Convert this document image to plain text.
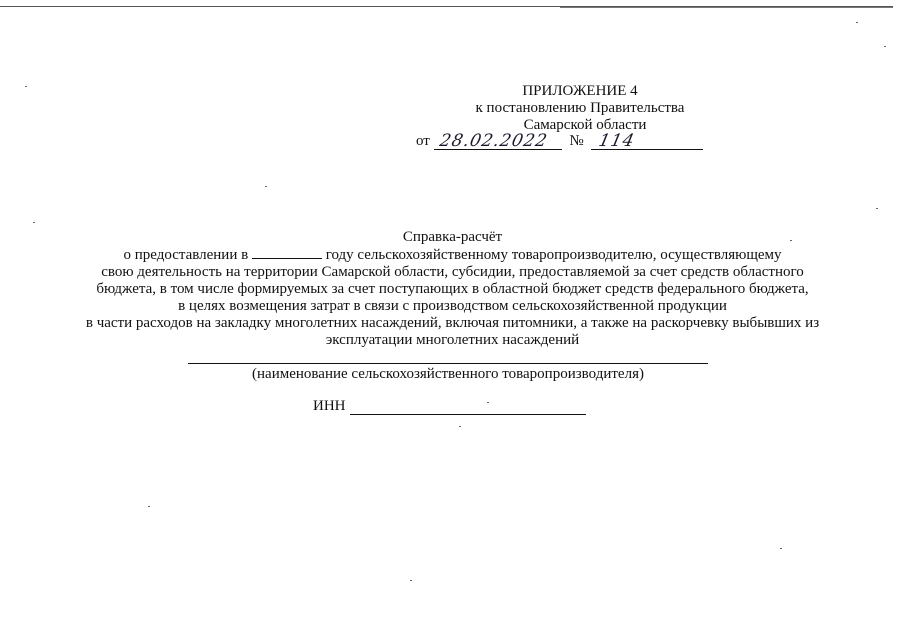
ПРИЛОЖЕНИЕ 4
к постановлению Правительства
Самарской области
от 28.02.2022 № 114
Справка-расчёт
о предоставлении в	году сельскохозяйственному товаропроизводителю, осуществляющему
свою деятельность на территории Самарской области, субсидии, предоставляемой за счет средств областного
бюджета, в том числе формируемых за счет поступающих в областной бюджет средств федерального бюджета,
в целях возмещения затрат в связи с производством сельскохозяйственной продукции
в части расходов на закладку многолетних насаждений, включая питомники, а также на раскорчевку выбывших из
эксплуатации многолетних насаждений
(наименование сельскохозяйственного товаропроизводителя)
ИНН
